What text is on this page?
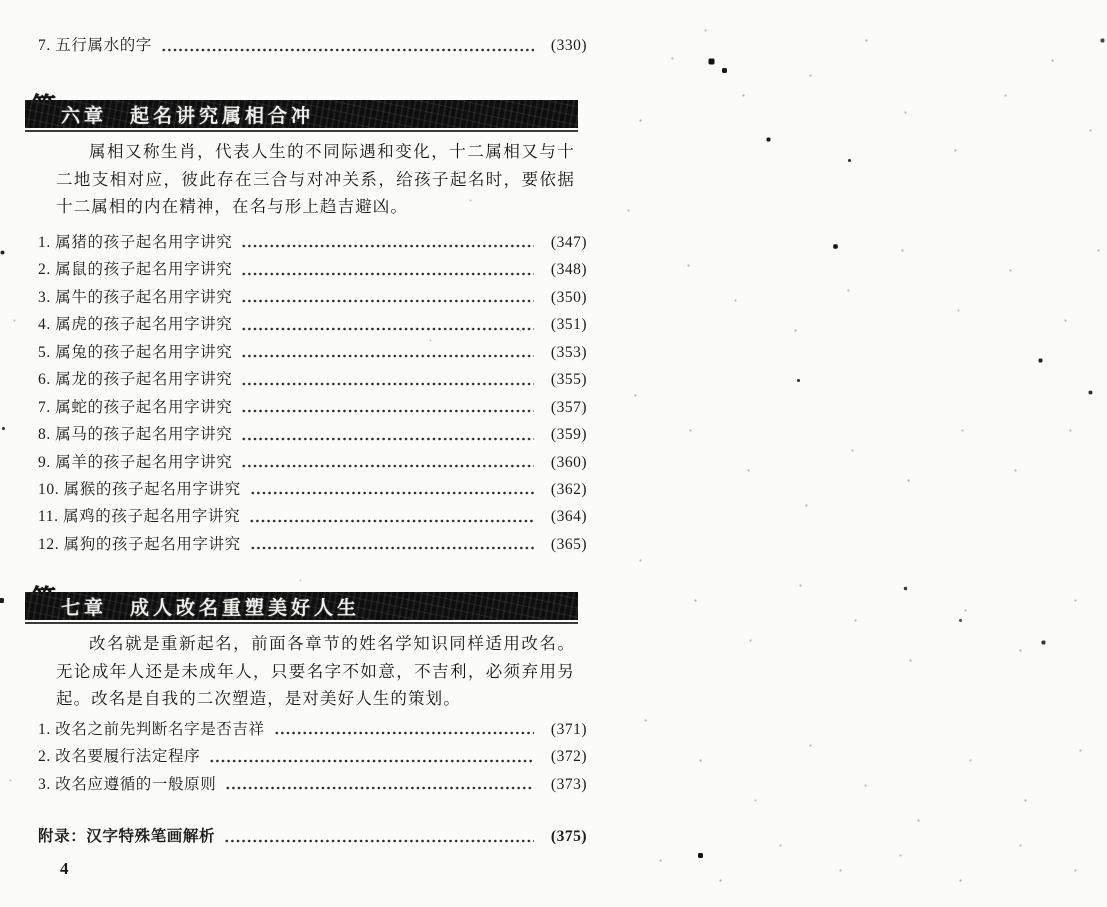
7. 五行属水的字	(330)
六章　起名讲究属相合冲

属相又称生肖，代表人生的不同际遇和变化，十二属相又与十二地支相对应，彼此存在三合与对冲关系，给孩子起名时，要依据十二属相的内在精神，在名与形上趋吉避凶。

1. 属猪的孩子起名用字讲究	(347)
2. 属鼠的孩子起名用字讲究	(348)
3. 属牛的孩子起名用字讲究	(350)
4. 属虎的孩子起名用字讲究	(351)
5. 属兔的孩子起名用字讲究	(353)
6. 属龙的孩子起名用字讲究	(355)
7. 属蛇的孩子起名用字讲究	(357)
8. 属马的孩子起名用字讲究	(359)
9. 属羊的孩子起名用字讲究	(360)
10. 属猴的孩子起名用字讲究	(362)
11. 属鸡的孩子起名用字讲究	(364)
12. 属狗的孩子起名用字讲究	(365)
七章　成人改名重塑美好人生

改名就是重新起名，前面各章节的姓名学知识同样适用改名。无论成年人还是未成年人，只要名字不如意，不吉利，必须弃用另起。改名是自我的二次塑造，是对美好人生的策划。

1. 改名之前先判断名字是否吉祥	(371)
2. 改名要履行法定程序	(372)
3. 改名应遵循的一般原则	(373)
附录：汉字特殊笔画解析	(375)
4
